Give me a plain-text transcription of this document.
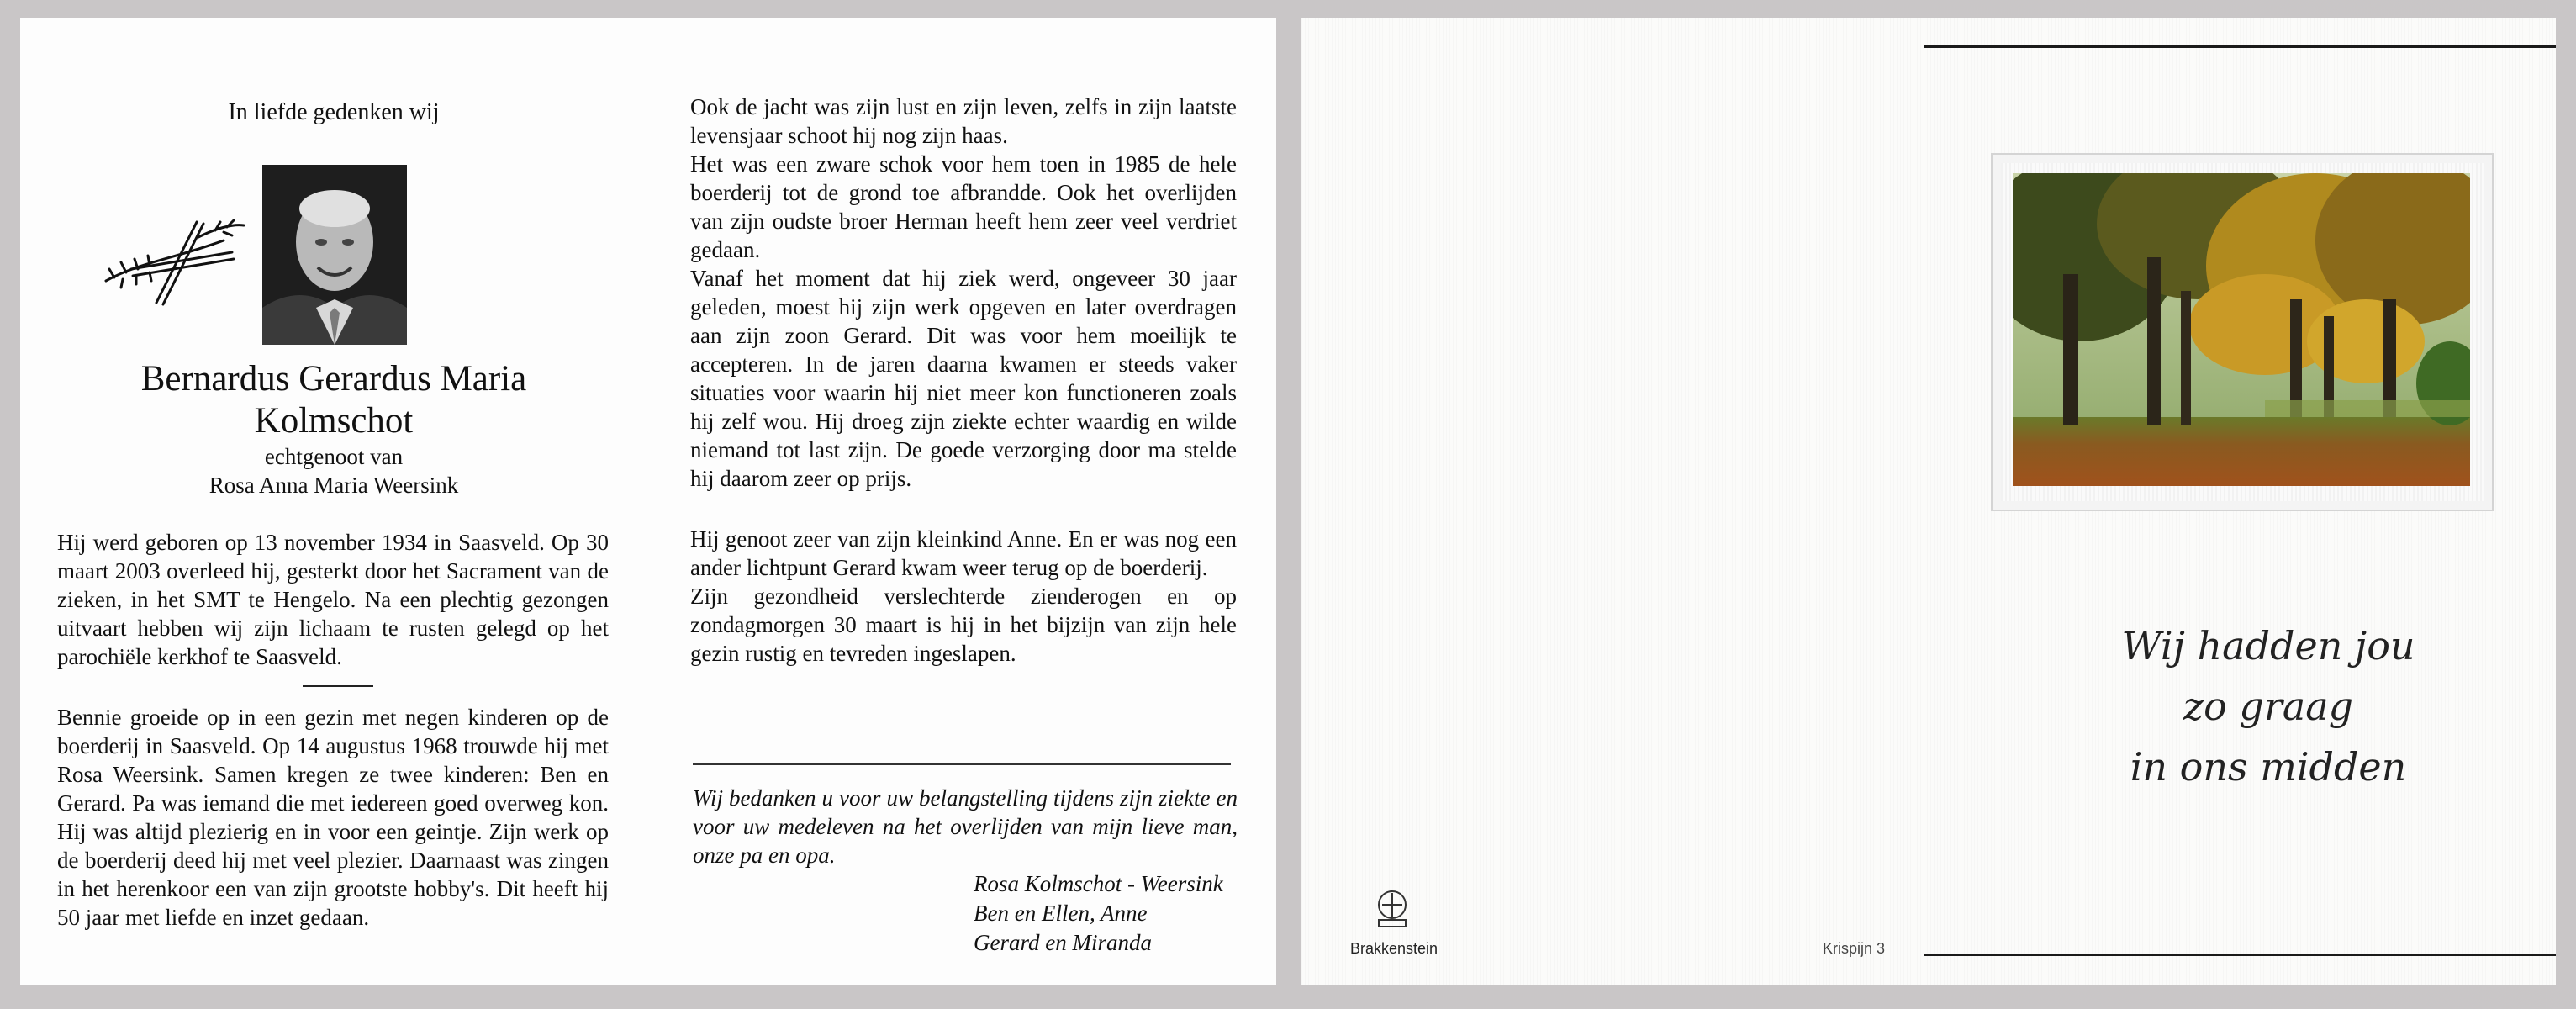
In liefde gedenken wij
Bernardus Gerardus Maria
Kolmschot
echtgenoot van
Rosa Anna Maria Weersink

Hij werd geboren op 13 november 1934 in Saasveld. Op 30 maart 2003 overleed hij, gesterkt door het Sacrament van de zieken, in het SMT te Hengelo. Na een plechtig gezongen uitvaart hebben wij zijn lichaam te rusten gelegd op het parochiële kerkhof te Saasveld.

Bennie groeide op in een gezin met negen kinderen op de boerderij in Saasveld. Op 14 augustus 1968 trouwde hij met Rosa Weersink. Samen kregen ze twee kinderen: Ben en Gerard. Pa was iemand die met iedereen goed overweg kon. Hij was altijd plezierig en in voor een geintje. Zijn werk op de boerderij deed hij met veel plezier. Daarnaast was zingen in het herenkoor een van zijn grootste hobby's. Dit heeft hij 50 jaar met liefde en inzet gedaan.

Ook de jacht was zijn lust en zijn leven, zelfs in zijn laatste levensjaar schoot hij nog zijn haas.

Het was een zware schok voor hem toen in 1985 de hele boerderij tot de grond toe afbrandde. Ook het overlijden van zijn oudste broer Herman heeft hem zeer veel verdriet gedaan.

Vanaf het moment dat hij ziek werd, ongeveer 30 jaar geleden, moest hij zijn werk opgeven en later overdragen aan zijn zoon Gerard. Dit was voor hem moeilijk te accepteren. In de jaren daarna kwamen er steeds vaker situaties voor waarin hij niet meer kon functioneren zoals hij zelf wou. Hij droeg zijn ziekte echter waardig en wilde niemand tot last zijn. De goede verzorging door ma stelde hij daarom zeer op prijs.

Hij genoot zeer van zijn kleinkind Anne. En er was nog een ander lichtpunt Gerard kwam weer terug op de boerderij.

Zijn gezondheid verslechterde zienderogen en op zondagmorgen 30 maart is hij in het bijzijn van zijn hele gezin rustig en tevreden ingeslapen.

Wij bedanken u voor uw belangstelling tijdens zijn ziekte en voor uw medeleven na het overlijden van mijn lieve man, onze pa en opa.
Rosa Kolmschot - Weersink
Ben en Ellen, Anne
Gerard en Miranda
Wij hadden jou
zo graag
in ons midden
Brakkenstein	Krispijn 3
